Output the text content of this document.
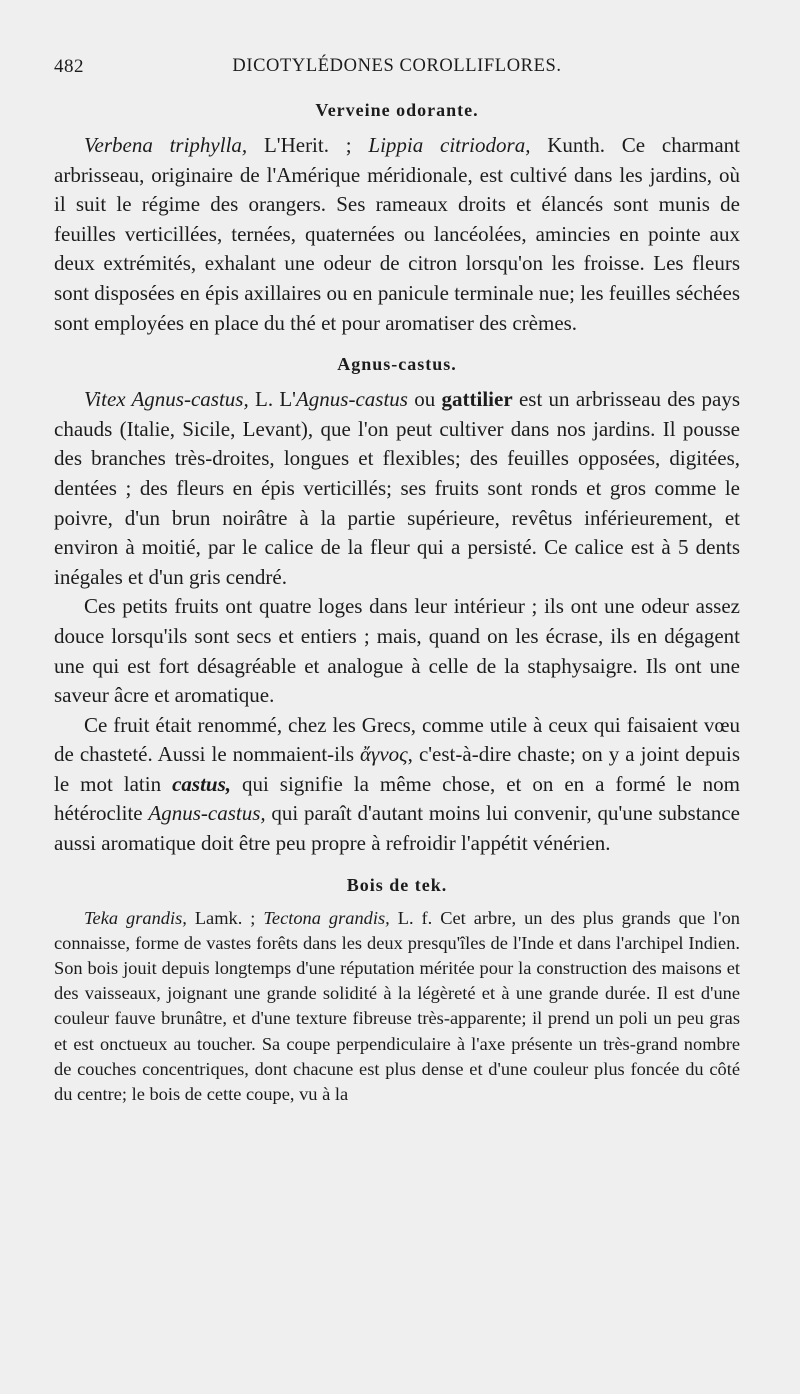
482	DICOTYLÉDONES COROLLIFLORES.
Verveine odorante.

Verbena triphylla, L'Herit. ; Lippia citriodora, Kunth. Ce charmant arbrisseau, originaire de l'Amérique méridionale, est cultivé dans les jardins, où il suit le régime des orangers. Ses rameaux droits et élancés sont munis de feuilles verticillées, ternées, quaternées ou lancéolées, amincies en pointe aux deux extrémités, exhalant une odeur de citron lorsqu'on les froisse. Les fleurs sont disposées en épis axillaires ou en panicule terminale nue; les feuilles séchées sont employées en place du thé et pour aromatiser des crèmes.

Agnus-castus.

Vitex Agnus-castus, L. L'Agnus-castus ou gattilier est un arbrisseau des pays chauds (Italie, Sicile, Levant), que l'on peut cultiver dans nos jardins. Il pousse des branches très-droites, longues et flexibles; des feuilles opposées, digitées, dentées ; des fleurs en épis verticillés; ses fruits sont ronds et gros comme le poivre, d'un brun noirâtre à la partie supérieure, revêtus inférieurement, et environ à moitié, par le calice de la fleur qui a persisté. Ce calice est à 5 dents inégales et d'un gris cendré.

Ces petits fruits ont quatre loges dans leur intérieur ; ils ont une odeur assez douce lorsqu'ils sont secs et entiers ; mais, quand on les écrase, ils en dégagent une qui est fort désagréable et analogue à celle de la staphysaigre. Ils ont une saveur âcre et aromatique.

Ce fruit était renommé, chez les Grecs, comme utile à ceux qui faisaient vœu de chasteté. Aussi le nommaient-ils ἄγνος, c'est-à-dire chaste; on y a joint depuis le mot latin castus, qui signifie la même chose, et on en a formé le nom hétéroclite Agnus-castus, qui paraît d'autant moins lui convenir, qu'une substance aussi aromatique doit être peu propre à refroidir l'appétit vénérien.

Bois de tek.

Teka grandis, Lamk. ; Tectona grandis, L. f. Cet arbre, un des plus grands que l'on connaisse, forme de vastes forêts dans les deux presqu'îles de l'Inde et dans l'archipel Indien. Son bois jouit depuis longtemps d'une réputation méritée pour la construction des maisons et des vaisseaux, joignant une grande solidité à la légèreté et à une grande durée. Il est d'une couleur fauve brunâtre, et d'une texture fibreuse très-apparente; il prend un poli un peu gras et est onctueux au toucher. Sa coupe perpendiculaire à l'axe présente un très-grand nombre de couches concentriques, dont chacune est plus dense et d'une couleur plus foncée du côté du centre; le bois de cette coupe, vu à la
